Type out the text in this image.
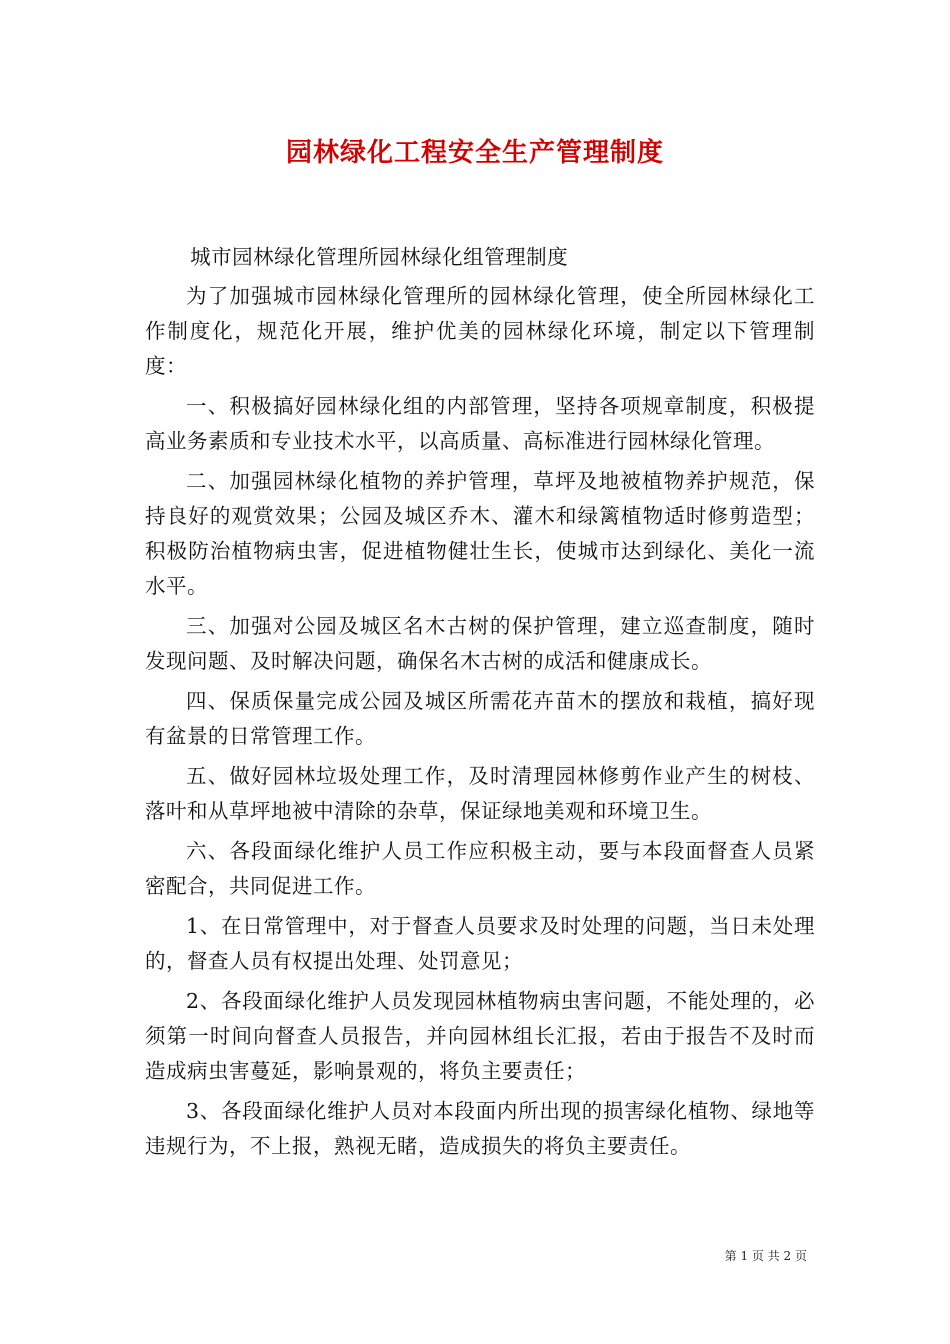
园林绿化工程安全生产管理制度

城市园林绿化管理所园林绿化组管理制度

为了加强城市园林绿化管理所的园林绿化管理，使全所园林绿化工作制度化，规范化开展，维护优美的园林绿化环境，制定以下管理制度：

一、积极搞好园林绿化组的内部管理，坚持各项规章制度，积极提高业务素质和专业技术水平，以高质量、高标准进行园林绿化管理。

二、加强园林绿化植物的养护管理，草坪及地被植物养护规范，保持良好的观赏效果；公园及城区乔木、灌木和绿篱植物适时修剪造型；积极防治植物病虫害，促进植物健壮生长，使城市达到绿化、美化一流水平。

三、加强对公园及城区名木古树的保护管理，建立巡查制度，随时发现问题、及时解决问题，确保名木古树的成活和健康成长。

四、保质保量完成公园及城区所需花卉苗木的摆放和栽植，搞好现有盆景的日常管理工作。

五、做好园林垃圾处理工作，及时清理园林修剪作业产生的树枝、落叶和从草坪地被中清除的杂草，保证绿地美观和环境卫生。

六、各段面绿化维护人员工作应积极主动，要与本段面督查人员紧密配合，共同促进工作。

1、在日常管理中，对于督查人员要求及时处理的问题，当日未处理的，督查人员有权提出处理、处罚意见；

2、各段面绿化维护人员发现园林植物病虫害问题，不能处理的，必须第一时间向督查人员报告，并向园林组长汇报，若由于报告不及时而造成病虫害蔓延，影响景观的，将负主要责任；

3、各段面绿化维护人员对本段面内所出现的损害绿化植物、绿地等违规行为，不上报，熟视无睹，造成损失的将负主要责任。

第 1 页 共 2 页
